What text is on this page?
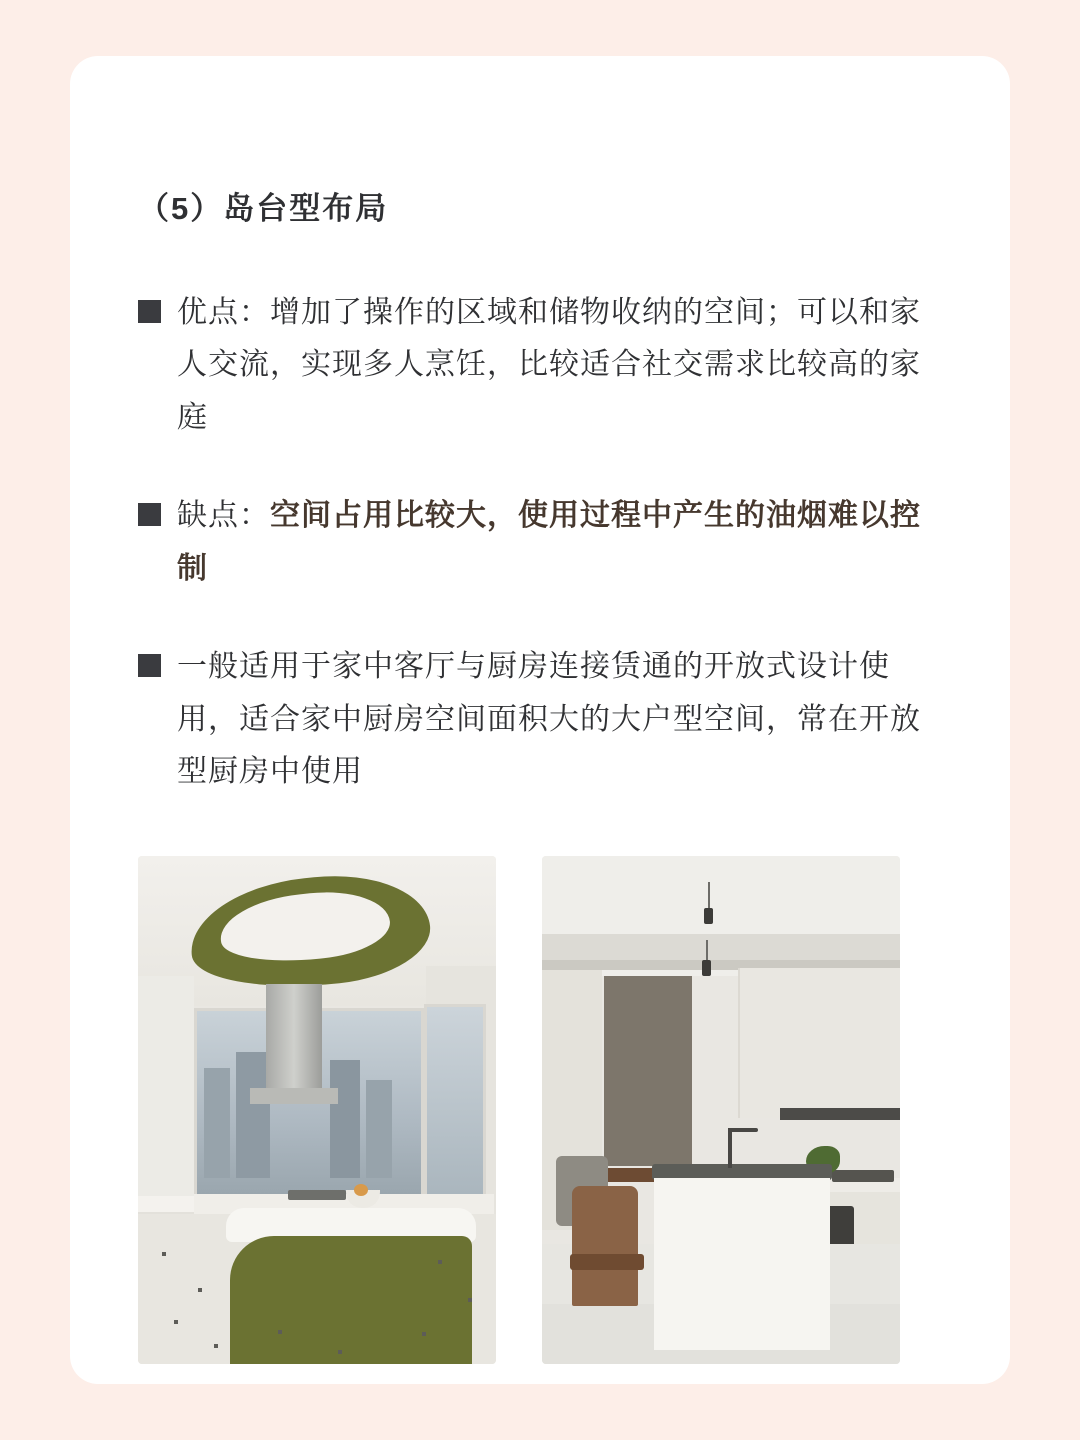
（5）岛台型布局
优点：增加了操作的区域和储物收纳的空间；可以和家人交流，实现多人烹饪，比较适合社交需求比较高的家庭
缺点：空间占用比较大，使用过程中产生的油烟难以控制
一般适用于家中客厅与厨房连接赁通的开放式设计使用，适合家中厨房空间面积大的大户型空间，常在开放型厨房中使用
